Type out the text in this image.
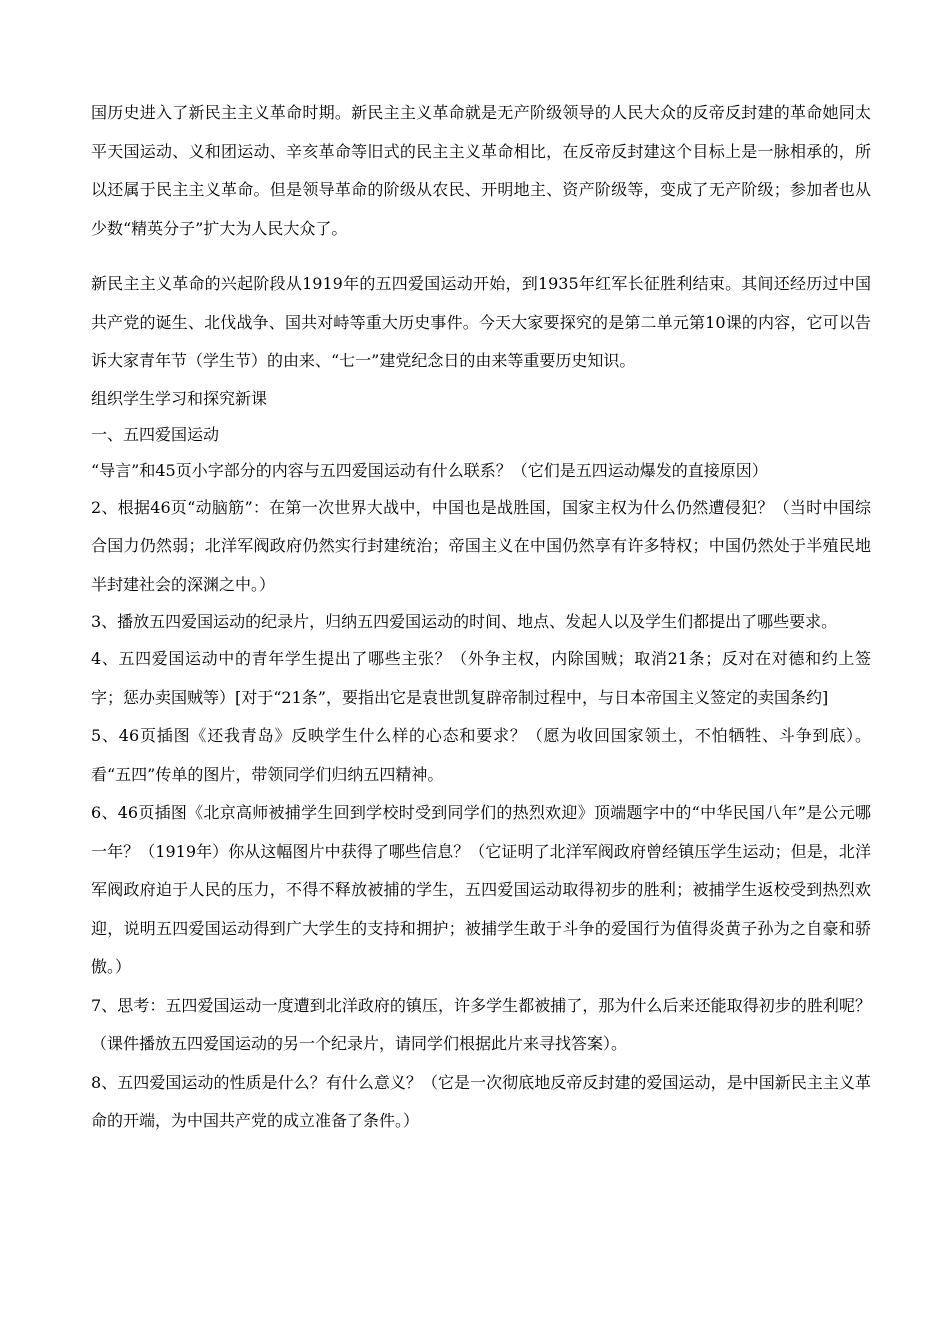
国历史进入了新民主主义革命时期。新民主主义革命就是无产阶级领导的人民大众的反帝反封建的革命她同太平天国运动、义和团运动、辛亥革命等旧式的民主主义革命相比，在反帝反封建这个目标上是一脉相承的，所以还属于民主主义革命。但是领导革命的阶级从农民、开明地主、资产阶级等，变成了无产阶级；参加者也从少数“精英分子”扩大为人民大众了。

新民主主义革命的兴起阶段从1919年的五四爱国运动开始，到1935年红军长征胜利结束。其间还经历过中国共产党的诞生、北伐战争、国共对峙等重大历史事件。今天大家要探究的是第二单元第10课的内容，它可以告诉大家青年节（学生节）的由来、“七一”建党纪念日的由来等重要历史知识。

组织学生学习和探究新课

一、五四爱国运动

“导言”和45页小字部分的内容与五四爱国运动有什么联系？（它们是五四运动爆发的直接原因）

2、根据46页“动脑筋”：在第一次世界大战中，中国也是战胜国，国家主权为什么仍然遭侵犯？（当时中国综合国力仍然弱；北洋军阀政府仍然实行封建统治；帝国主义在中国仍然享有许多特权；中国仍然处于半殖民地半封建社会的深渊之中。）

3、播放五四爱国运动的纪录片，归纳五四爱国运动的时间、地点、发起人以及学生们都提出了哪些要求。

4、五四爱国运动中的青年学生提出了哪些主张？（外争主权，内除国贼；取消21条；反对在对德和约上签字；惩办卖国贼等）[对于“21条”，要指出它是袁世凯复辟帝制过程中，与日本帝国主义签定的卖国条约]

5、46页插图《还我青岛》反映学生什么样的心态和要求？（愿为收回国家领土，不怕牺牲、斗争到底）。看“五四”传单的图片，带领同学们归纳五四精神。

6、46页插图《北京高师被捕学生回到学校时受到同学们的热烈欢迎》顶端题字中的“中华民国八年”是公元哪一年？（1919年）你从这幅图片中获得了哪些信息？（它证明了北洋军阀政府曾经镇压学生运动；但是，北洋军阀政府迫于人民的压力，不得不释放被捕的学生，五四爱国运动取得初步的胜利；被捕学生返校受到热烈欢迎，说明五四爱国运动得到广大学生的支持和拥护；被捕学生敢于斗争的爱国行为值得炎黄子孙为之自豪和骄傲。）

7、思考：五四爱国运动一度遭到北洋政府的镇压，许多学生都被捕了，那为什么后来还能取得初步的胜利呢？（课件播放五四爱国运动的另一个纪录片，请同学们根据此片来寻找答案）。

8、五四爱国运动的性质是什么？有什么意义？（它是一次彻底地反帝反封建的爱国运动，是中国新民主主义革命的开端，为中国共产党的成立准备了条件。）
